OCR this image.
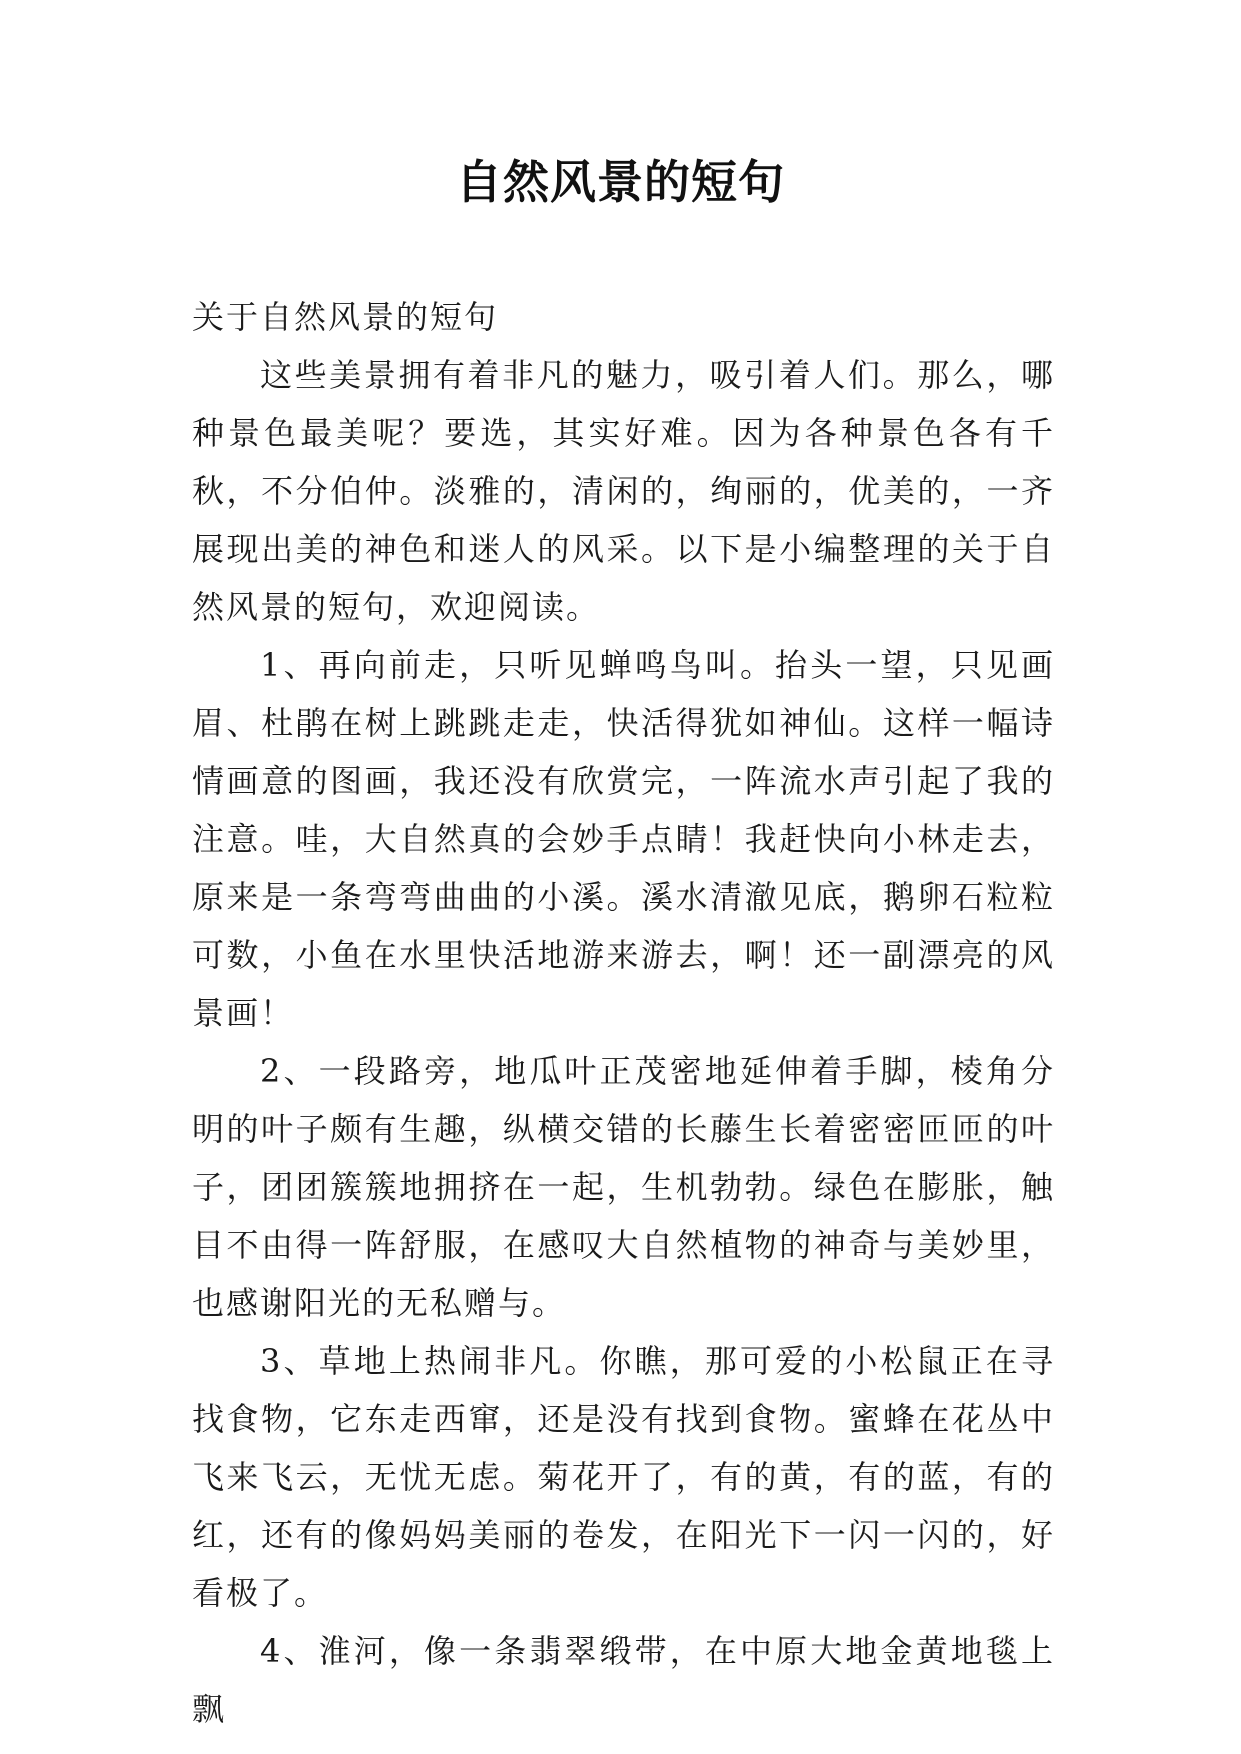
自然风景的短句

关于自然风景的短句

这些美景拥有着非凡的魅力，吸引着人们。那么，哪种景色最美呢？要选，其实好难。因为各种景色各有千秋，不分伯仲。淡雅的，清闲的，绚丽的，优美的，一齐展现出美的神色和迷人的风采。以下是小编整理的关于自然风景的短句，欢迎阅读。

1、再向前走，只听见蝉鸣鸟叫。抬头一望，只见画眉、杜鹃在树上跳跳走走，快活得犹如神仙。这样一幅诗情画意的图画，我还没有欣赏完，一阵流水声引起了我的注意。哇，大自然真的会妙手点睛！我赶快向小林走去，原来是一条弯弯曲曲的小溪。溪水清澈见底，鹅卵石粒粒可数，小鱼在水里快活地游来游去，啊！还一副漂亮的风景画！

2、一段路旁，地瓜叶正茂密地延伸着手脚，棱角分明的叶子颇有生趣，纵横交错的长藤生长着密密匝匝的叶子，团团簇簇地拥挤在一起，生机勃勃。绿色在膨胀，触目不由得一阵舒服，在感叹大自然植物的神奇与美妙里，也感谢阳光的无私赠与。

3、草地上热闹非凡。你瞧，那可爱的小松鼠正在寻找食物，它东走西窜，还是没有找到食物。蜜蜂在花丛中飞来飞云，无忧无虑。菊花开了，有的黄，有的蓝，有的红，还有的像妈妈美丽的卷发，在阳光下一闪一闪的，好看极了。

4、淮河，像一条翡翠缎带，在中原大地金黄地毯上飘
